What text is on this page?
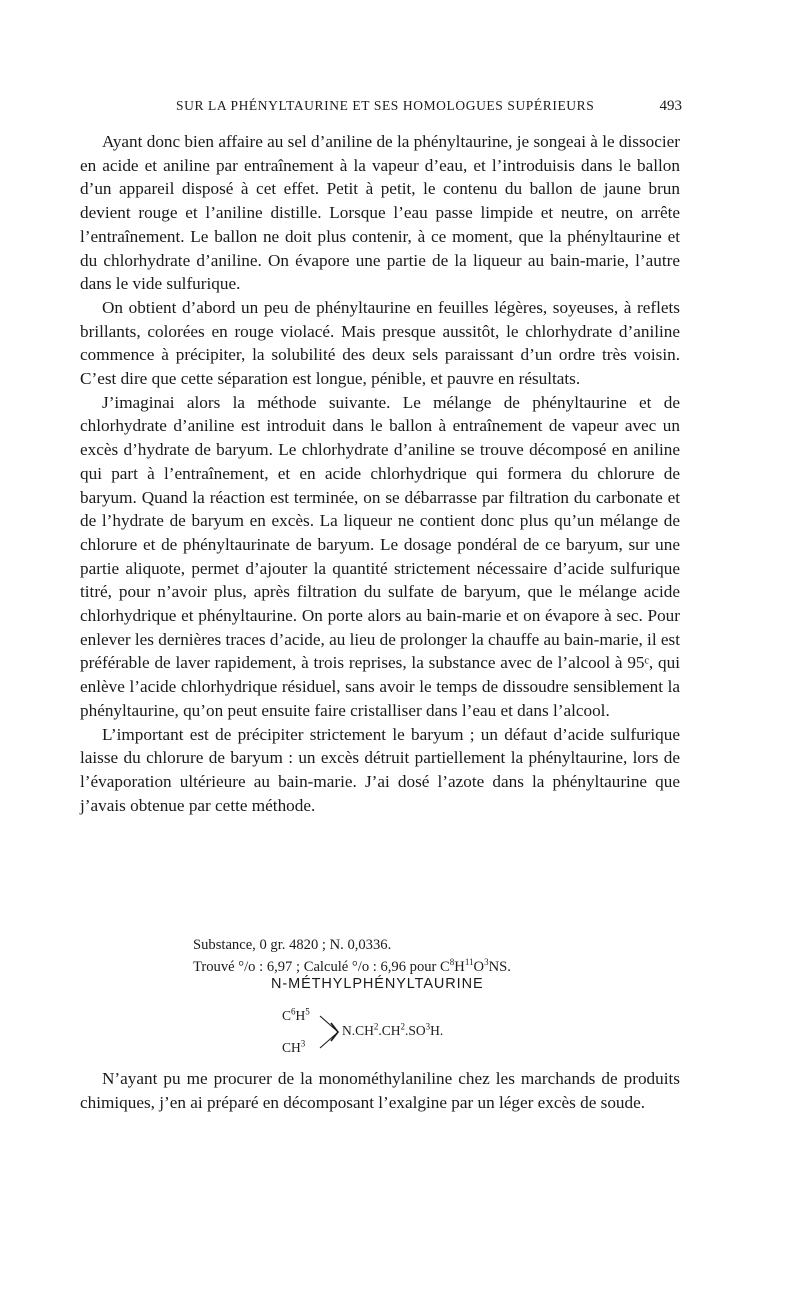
SUR LA PHÉNYLTAURINE ET SES HOMOLOGUES SUPÉRIEURS	493

Ayant donc bien affaire au sel d’aniline de la phényltaurine, je songeai à le dissocier en acide et aniline par entraînement à la vapeur d’eau, et l’introduisis dans le ballon d’un appareil disposé à cet effet. Petit à petit, le contenu du ballon de jaune brun devient rouge et l’aniline distille. Lorsque l’eau passe limpide et neutre, on arrête l’entraînement. Le ballon ne doit plus contenir, à ce moment, que la phényltaurine et du chlorhydrate d’aniline. On évapore une partie de la liqueur au bain-marie, l’autre dans le vide sulfurique.

On obtient d’abord un peu de phényltaurine en feuilles légères, soyeuses, à reflets brillants, colorées en rouge violacé. Mais presque aussitôt, le chlorhydrate d’aniline commence à précipiter, la solubilité des deux sels paraissant d’un ordre très voisin. C’est dire que cette séparation est longue, pénible, et pauvre en résultats.

J’imaginai alors la méthode suivante. Le mélange de phényltaurine et de chlorhydrate d’aniline est introduit dans le ballon à entraînement de vapeur avec un excès d’hydrate de baryum. Le chlorhydrate d’aniline se trouve décomposé en aniline qui part à l’entraînement, et en acide chlorhydrique qui formera du chlorure de baryum. Quand la réaction est terminée, on se débarrasse par filtration du carbonate et de l’hydrate de baryum en excès. La liqueur ne contient donc plus qu’un mélange de chlorure et de phényltaurinate de baryum. Le dosage pondéral de ce baryum, sur une partie aliquote, permet d’ajouter la quantité strictement nécessaire d’acide sulfurique titré, pour n’avoir plus, après filtration du sulfate de baryum, que le mélange acide chlorhydrique et phényltaurine. On porte alors au bain-marie et on évapore à sec. Pour enlever les dernières traces d’acide, au lieu de prolonger la chauffe au bain-marie, il est préférable de laver rapidement, à trois reprises, la substance avec de l’alcool à 95ᶜ, qui enlève l’acide chlorhydrique résiduel, sans avoir le temps de dissoudre sensiblement la phényltaurine, qu’on peut ensuite faire cristalliser dans l’eau et dans l’alcool.

L’important est de précipiter strictement le baryum ; un défaut d’acide sulfurique laisse du chlorure de baryum : un excès détruit partiellement la phényltaurine, lors de l’évaporation ultérieure au bain-marie. J’ai dosé l’azote dans la phényltaurine que j’avais obtenue par cette méthode.

Substance, 0 gr. 4820 ; N. 0,0336.
Trouvé °/o : 6,97 ; Calculé °/o : 6,96 pour $C^8H^{11}O^3NS$.
N-MÉTHYLPHÉNYLTAURINE
$C^6H^5$
$N.CH^2.CH^2.SO^3H$.
$CH^3$

N’ayant pu me procurer de la monométhylaniline chez les marchands de produits chimiques, j’en ai préparé en décomposant l’exalgine par un léger excès de soude.
